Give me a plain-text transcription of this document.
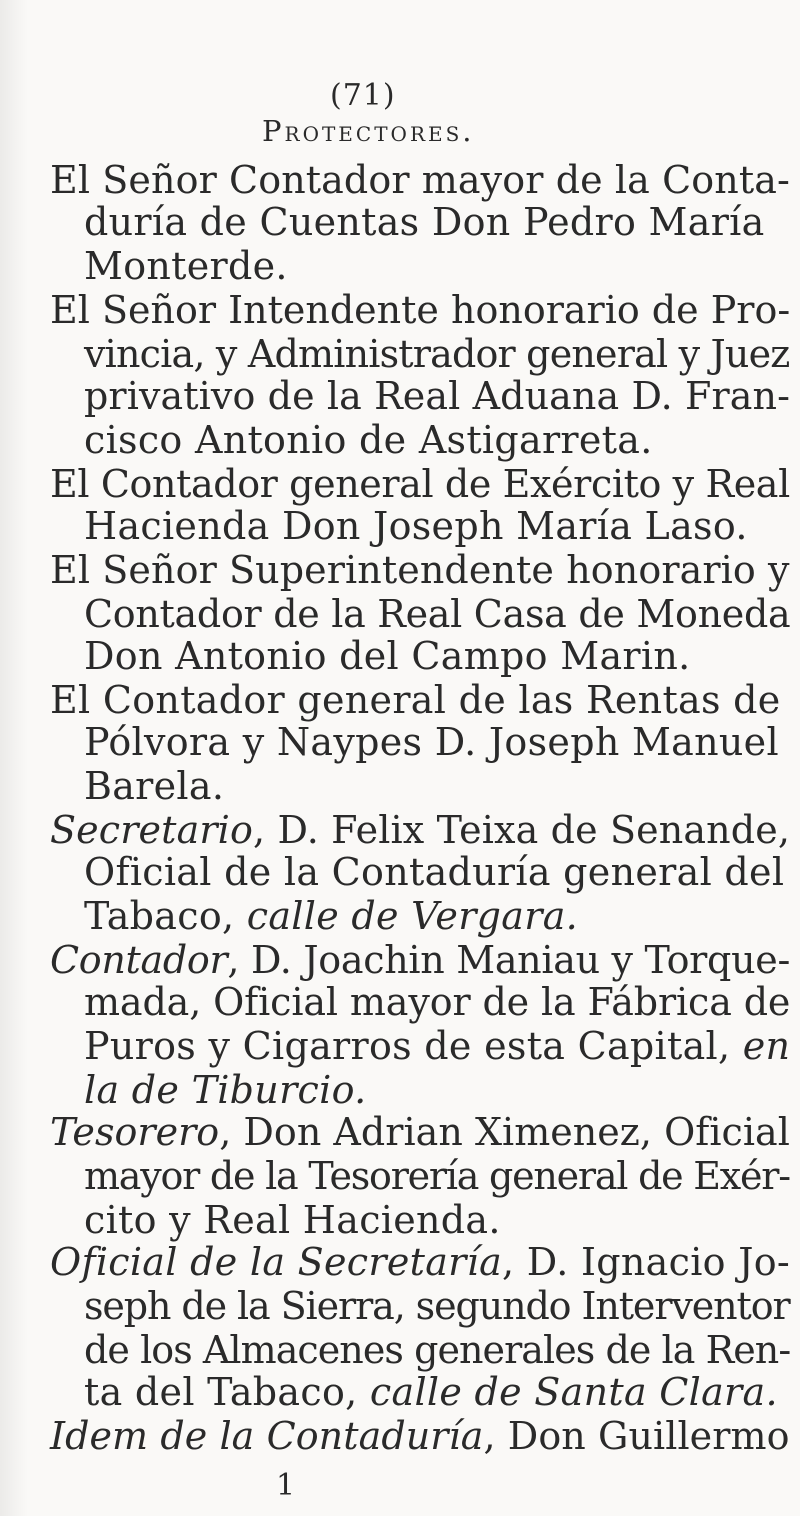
(71)
Protectores.
El Señor Contador mayor de la Conta-
duría de Cuentas Don Pedro María
Monterde.
El Señor Intendente honorario de Pro-
vincia, y Administrador general y Juez
privativo de la Real Aduana D. Fran-
cisco Antonio de Astigarreta.
El Contador general de Exército y Real
Hacienda Don Joseph María Laso.
El Señor Superintendente honorario y
Contador de la Real Casa de Moneda
Don Antonio del Campo Marin.
El Contador general de las Rentas de
Pólvora y Naypes D. Joseph Manuel
Barela.
Secretario, D. Felix Teixa de Senande,
Oficial de la Contaduría general del
Tabaco, calle de Vergara.
Contador, D. Joachin Maniau y Torque-
mada, Oficial mayor de la Fábrica de
Puros y Cigarros de esta Capital, en
la de Tiburcio.
Tesorero, Don Adrian Ximenez, Oficial
mayor de la Tesorería general de Exér-
cito y Real Hacienda.
Oficial de la Secretaría, D. Ignacio Jo-
seph de la Sierra, segundo Interventor
de los Almacenes generales de la Ren-
ta del Tabaco, calle de Santa Clara.
Idem de la Contaduría, Don Guillermo
1
